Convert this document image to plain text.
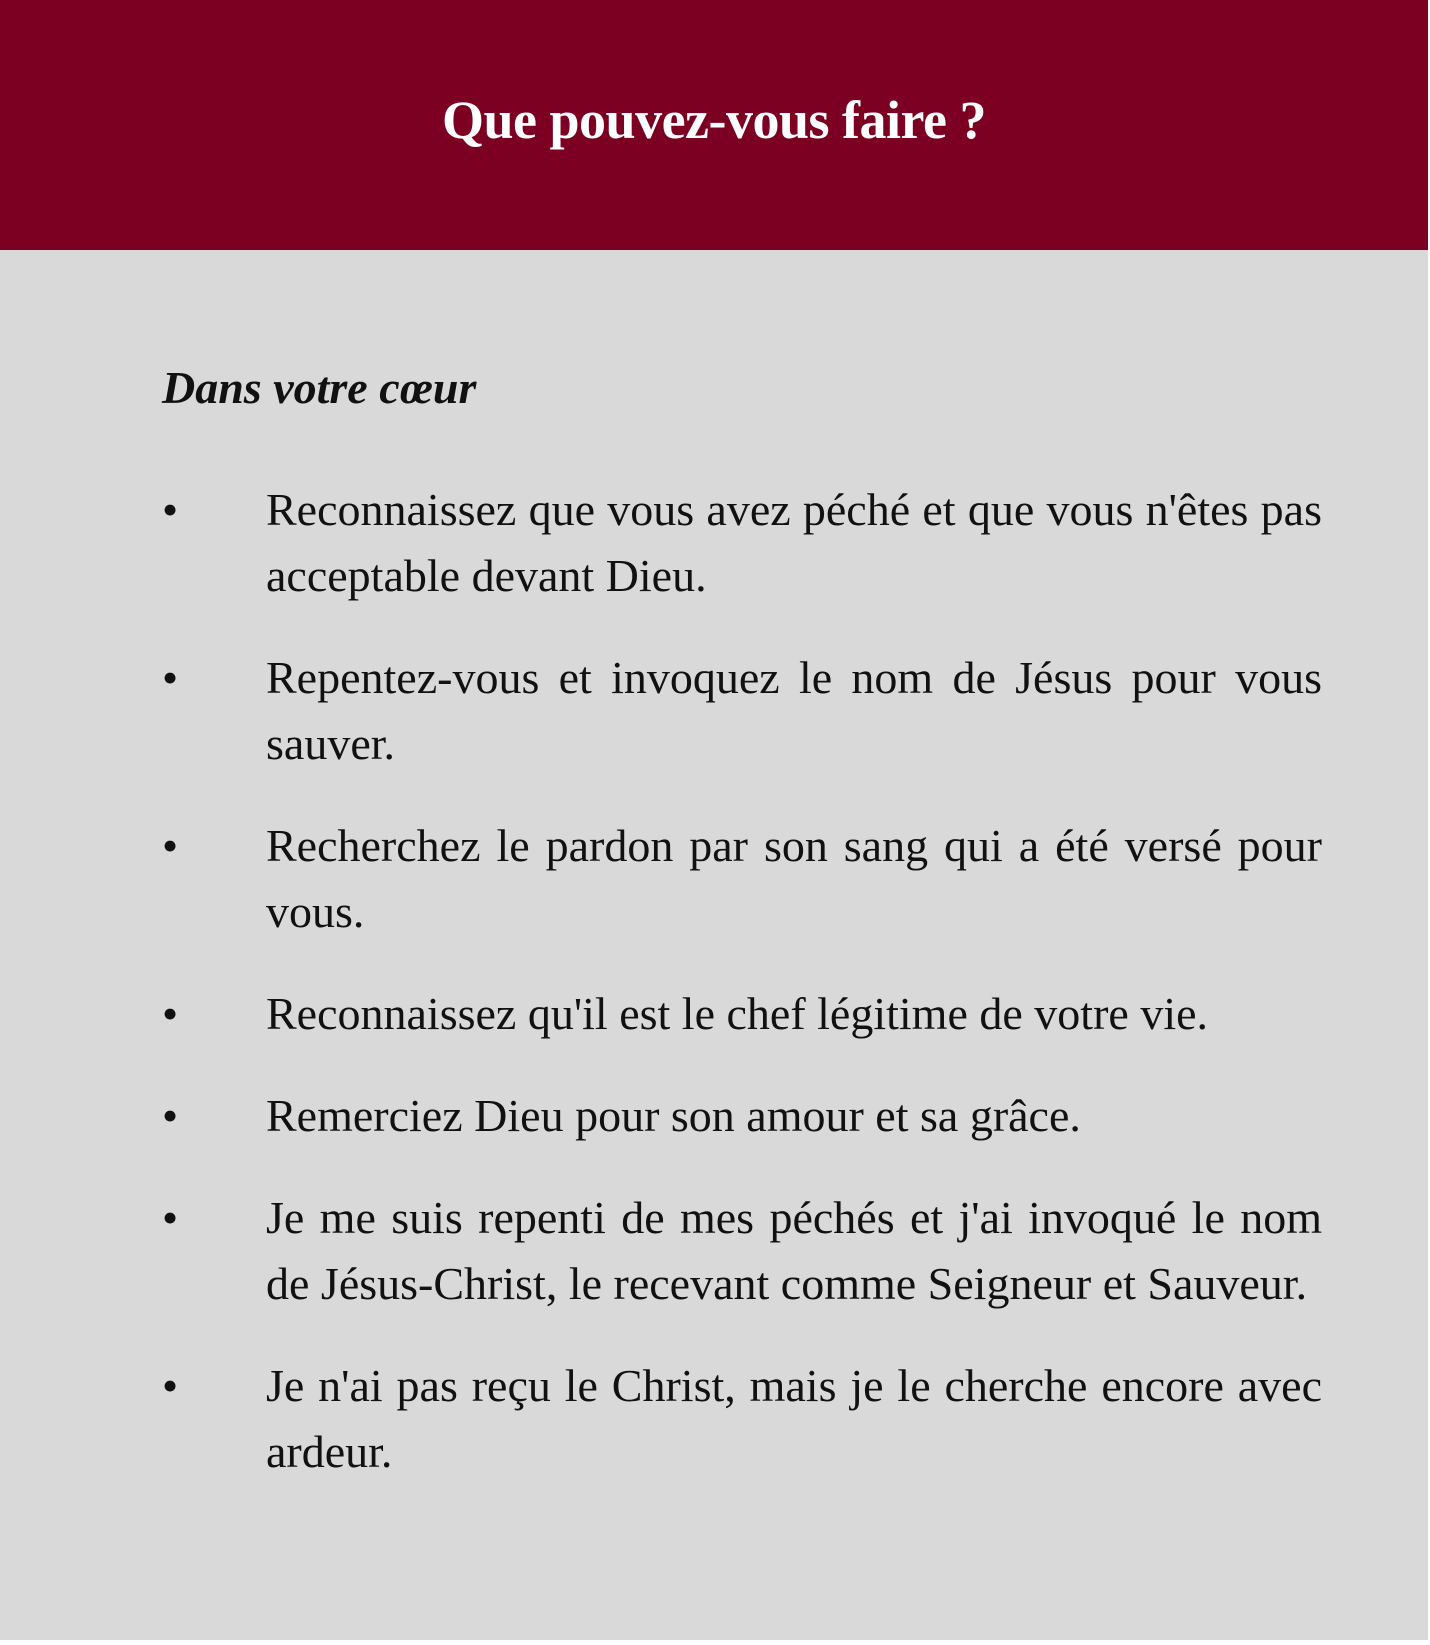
Que pouvez-vous faire ?
Dans votre cœur
•	Reconnaissez que vous avez péché et que vous n'êtes pas acceptable devant Dieu.
•	Repentez-vous et invoquez le nom de Jésus pour vous sauver.
•	Recherchez le pardon par son sang qui a été versé pour vous.
•	Reconnaissez qu'il est le chef légitime de votre vie.
•	Remerciez Dieu pour son amour et sa grâce.
•	Je me suis repenti de mes péchés et j'ai invoqué le nom de Jésus-Christ, le recevant comme Seigneur et Sauveur.
•	Je n'ai pas reçu le Christ, mais je le cherche encore avec ardeur.
